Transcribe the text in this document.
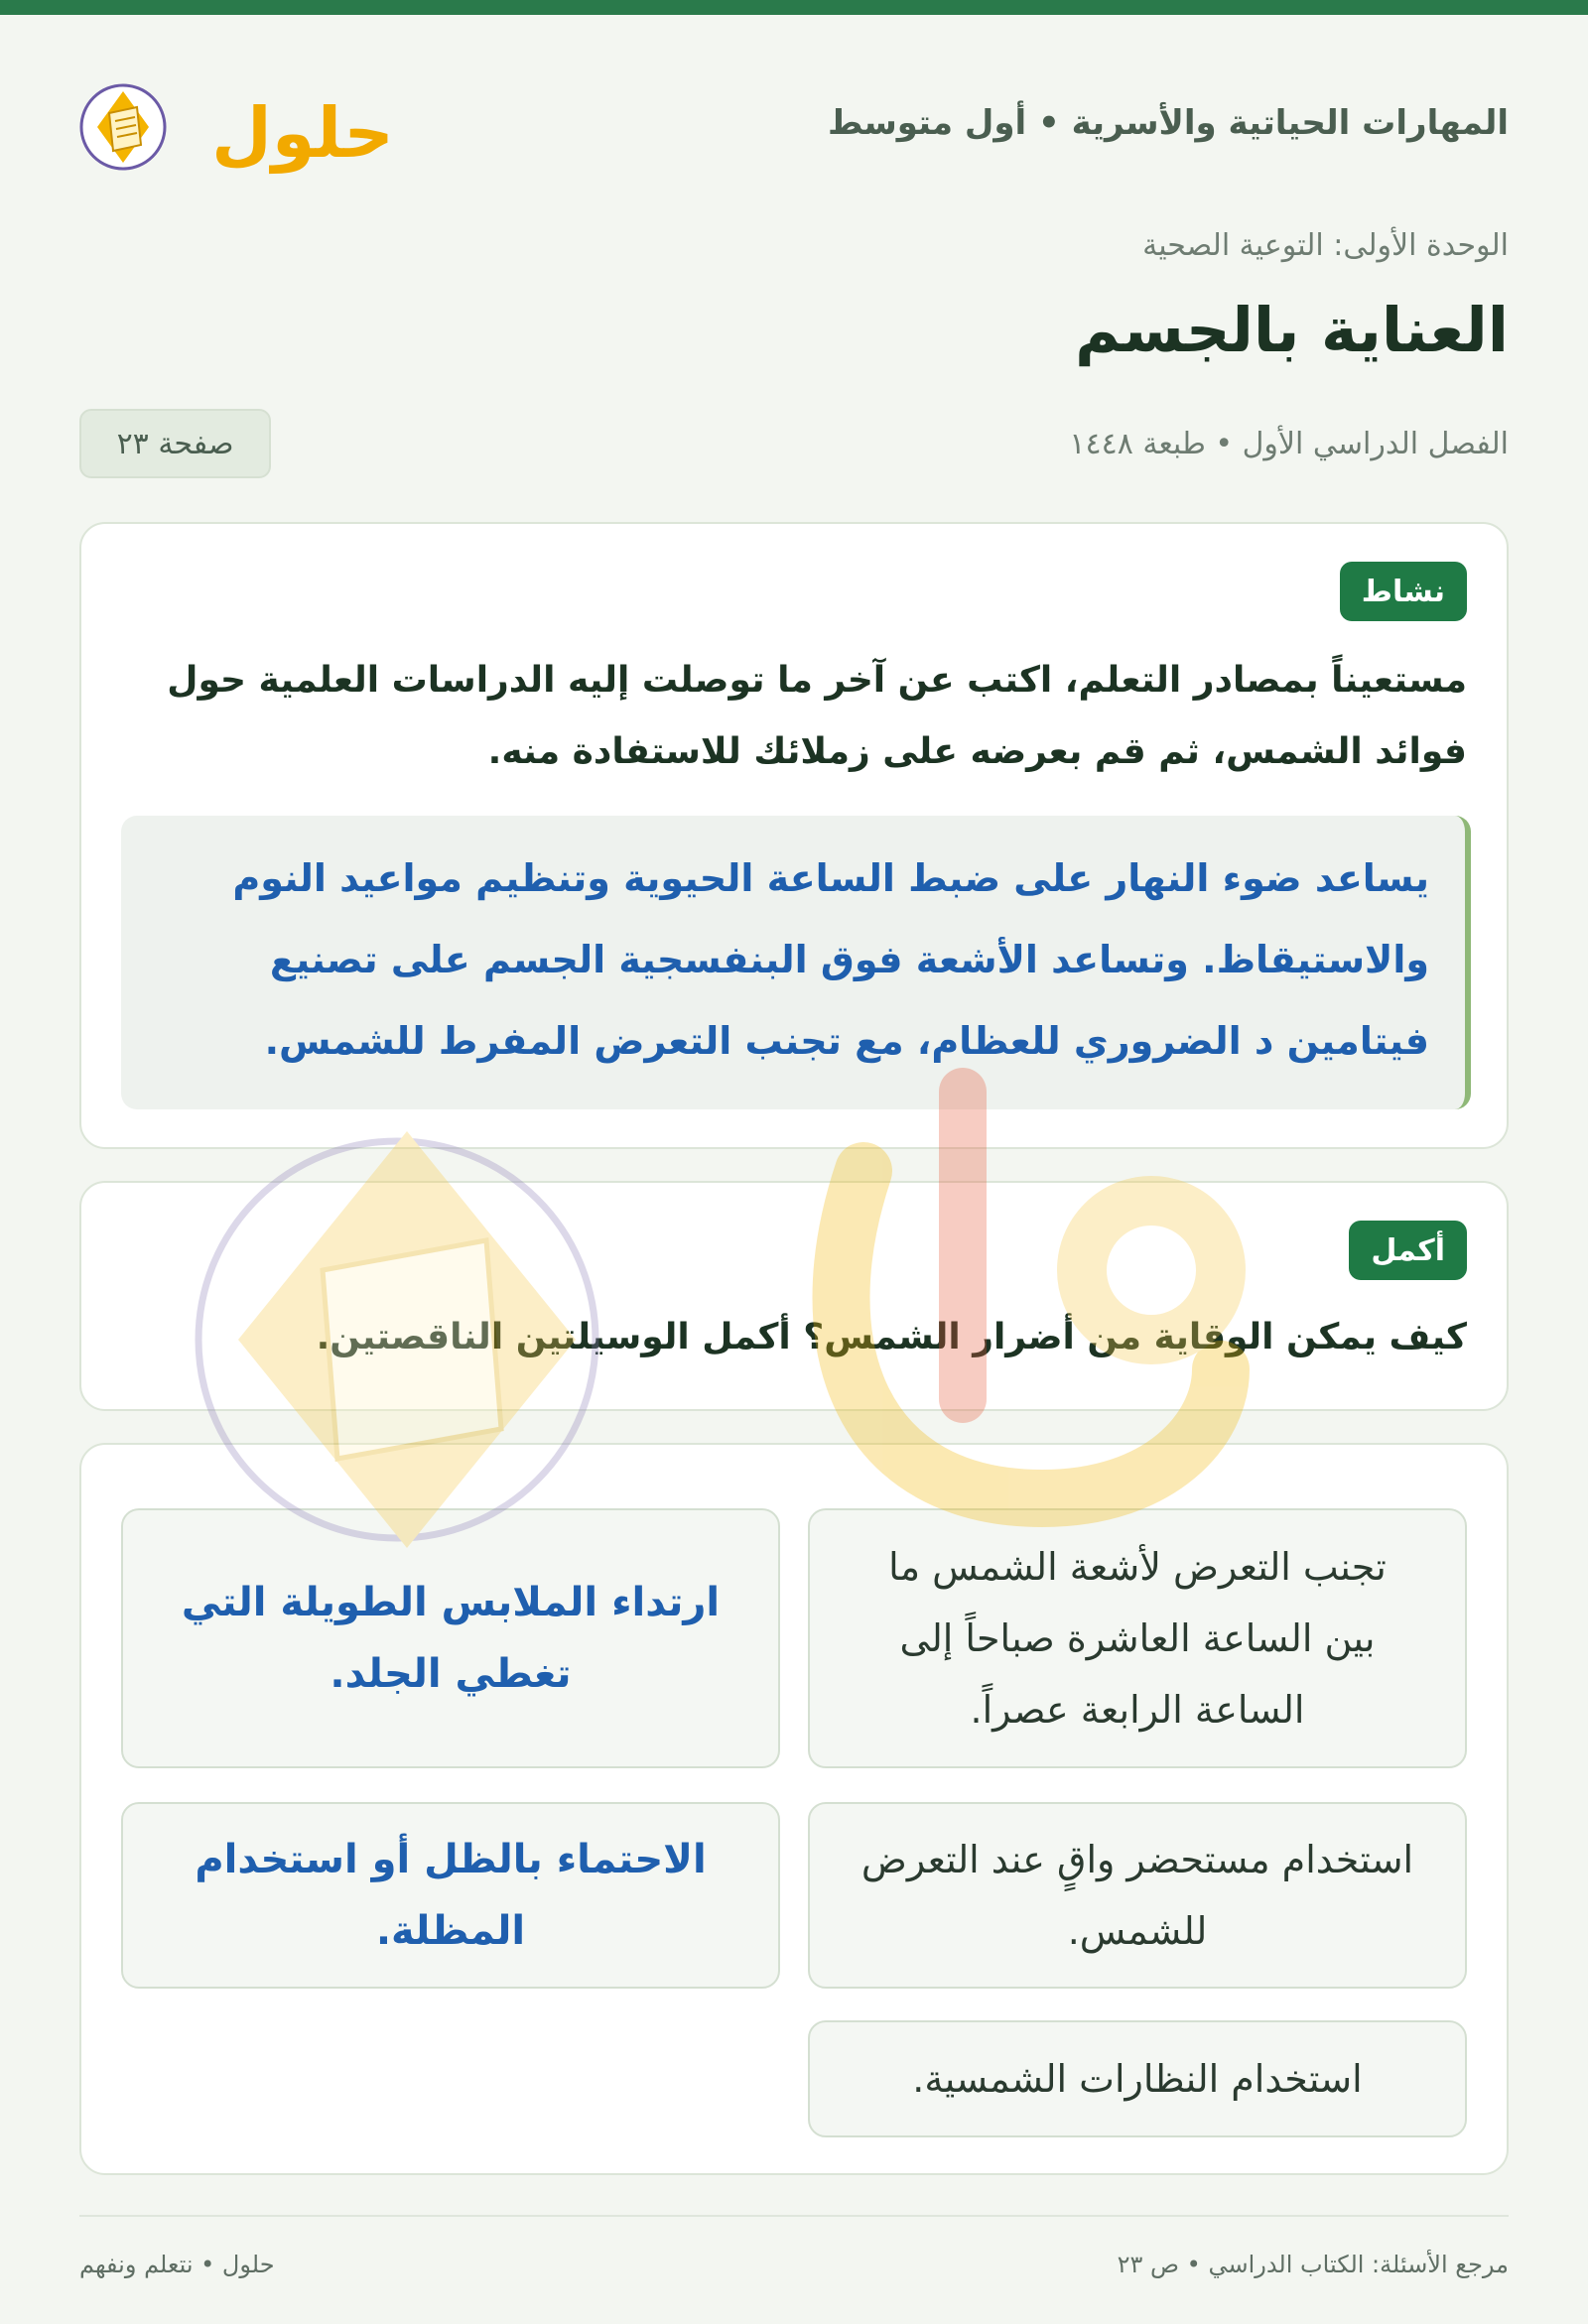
المهارات الحياتية والأسرية • أول متوسط
حلول
الوحدة الأولى: التوعية الصحية
العناية بالجسم
الفصل الدراسي الأول • طبعة ١٤٤٨
صفحة ٢٣
نشاط
مستعيناً بمصادر التعلم، اكتب عن آخر ما توصلت إليه الدراسات العلمية حول فوائد الشمس، ثم قم بعرضه على زملائك للاستفادة منه.
يساعد ضوء النهار على ضبط الساعة الحيوية وتنظيم مواعيد النوم والاستيقاظ. وتساعد الأشعة فوق البنفسجية الجسم على تصنيع فيتامين د الضروري للعظام، مع تجنب التعرض المفرط للشمس.
أكمل
كيف يمكن الوقاية من أضرار الشمس؟ أكمل الوسيلتين الناقصتين.
تجنب التعرض لأشعة الشمس ما بين الساعة العاشرة صباحاً إلى الساعة الرابعة عصراً.
ارتداء الملابس الطويلة التي تغطي الجلد.
استخدام مستحضر واقٍ عند التعرض للشمس.
الاحتماء بالظل أو استخدام المظلة.
استخدام النظارات الشمسية.
مرجع الأسئلة: الكتاب الدراسي • ص ٢٣
حلول • نتعلم ونفهم
